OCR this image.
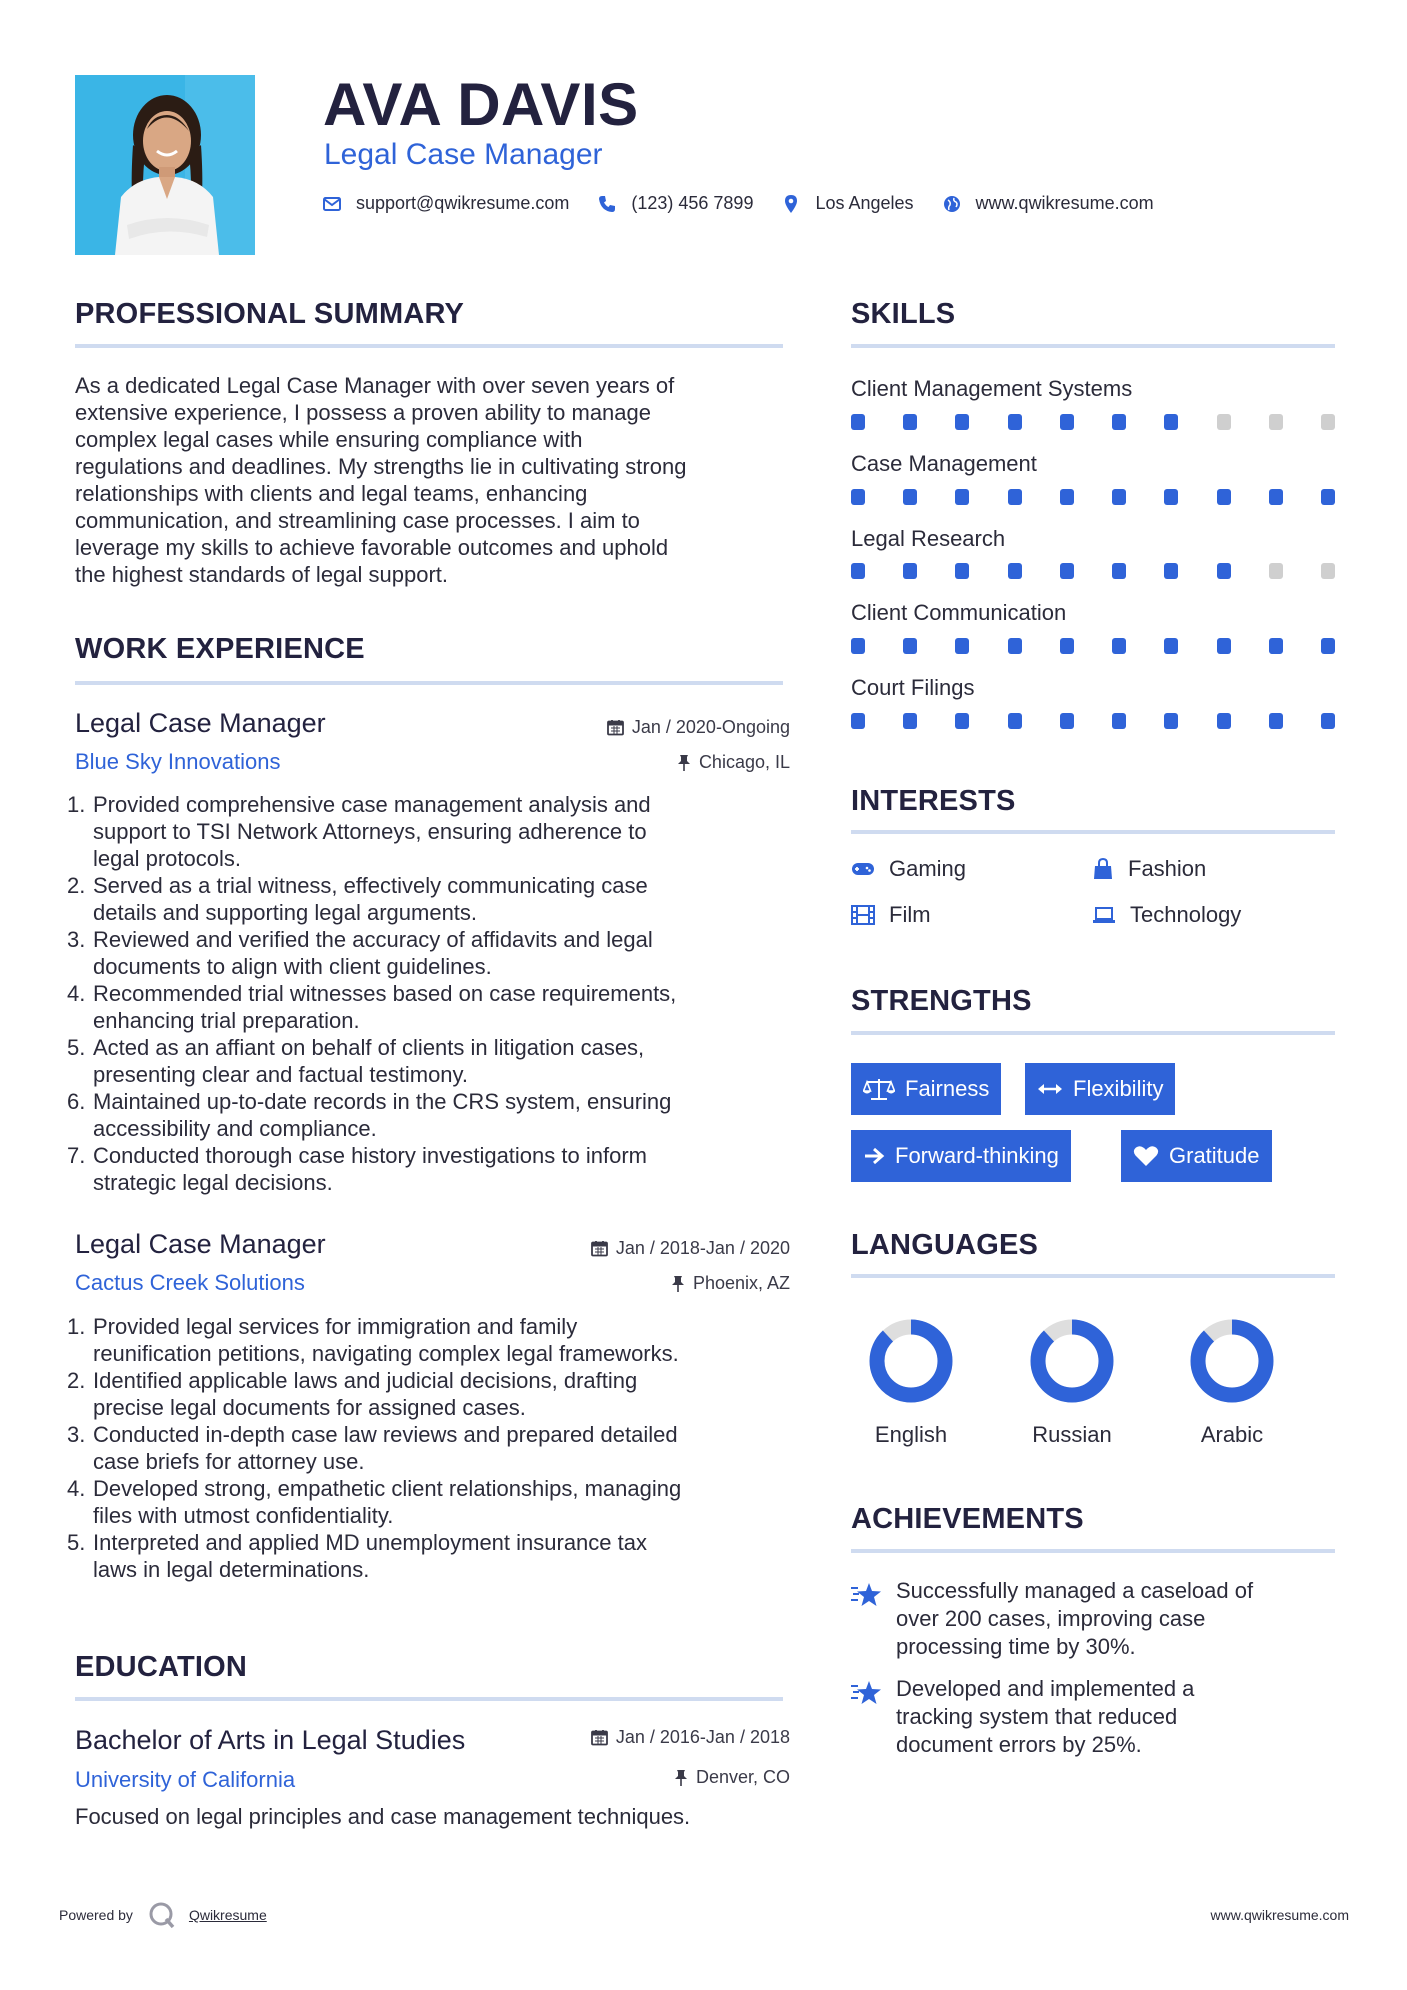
AVA DAVIS
Legal Case Manager
support@qwikresume.com	(123) 456 7899	Los Angeles	www.qwikresume.com
PROFESSIONAL SUMMARY
As a dedicated Legal Case Manager with over seven years of
extensive experience, I possess a proven ability to manage
complex legal cases while ensuring compliance with
regulations and deadlines. My strengths lie in cultivating strong
relationships with clients and legal teams, enhancing
communication, and streamlining case processes. I aim to
leverage my skills to achieve favorable outcomes and uphold
the highest standards of legal support.
WORK EXPERIENCE
Legal Case Manager	Jan / 2020-Ongoing
Blue Sky Innovations	Chicago, IL
1. Provided comprehensive case management analysis and
support to TSI Network Attorneys, ensuring adherence to
legal protocols.
2. Served as a trial witness, effectively communicating case
details and supporting legal arguments.
3. Reviewed and verified the accuracy of affidavits and legal
documents to align with client guidelines.
4. Recommended trial witnesses based on case requirements,
enhancing trial preparation.
5. Acted as an affiant on behalf of clients in litigation cases,
presenting clear and factual testimony.
6. Maintained up-to-date records in the CRS system, ensuring
accessibility and compliance.
7. Conducted thorough case history investigations to inform
strategic legal decisions.
Legal Case Manager	Jan / 2018-Jan / 2020
Cactus Creek Solutions	Phoenix, AZ
1. Provided legal services for immigration and family
reunification petitions, navigating complex legal frameworks.
2. Identified applicable laws and judicial decisions, drafting
precise legal documents for assigned cases.
3. Conducted in-depth case law reviews and prepared detailed
case briefs for attorney use.
4. Developed strong, empathetic client relationships, managing
files with utmost confidentiality.
5. Interpreted and applied MD unemployment insurance tax
laws in legal determinations.
EDUCATION
Bachelor of Arts in Legal Studies	Jan / 2016-Jan / 2018
University of California	Denver, CO
Focused on legal principles and case management techniques.
SKILLS
Client Management Systems
Case Management
Legal Research
Client Communication
Court Filings
INTERESTS
Gaming	Fashion
Film	Technology
STRENGTHS
Fairness	Flexibility
Forward-thinking	Gratitude
LANGUAGES
English	Russian	Arabic
ACHIEVEMENTS
Successfully managed a caseload of
over 200 cases, improving case
processing time by 30%.
Developed and implemented a
tracking system that reduced
document errors by 25%.
Powered by	Qwikresume	www.qwikresume.com
